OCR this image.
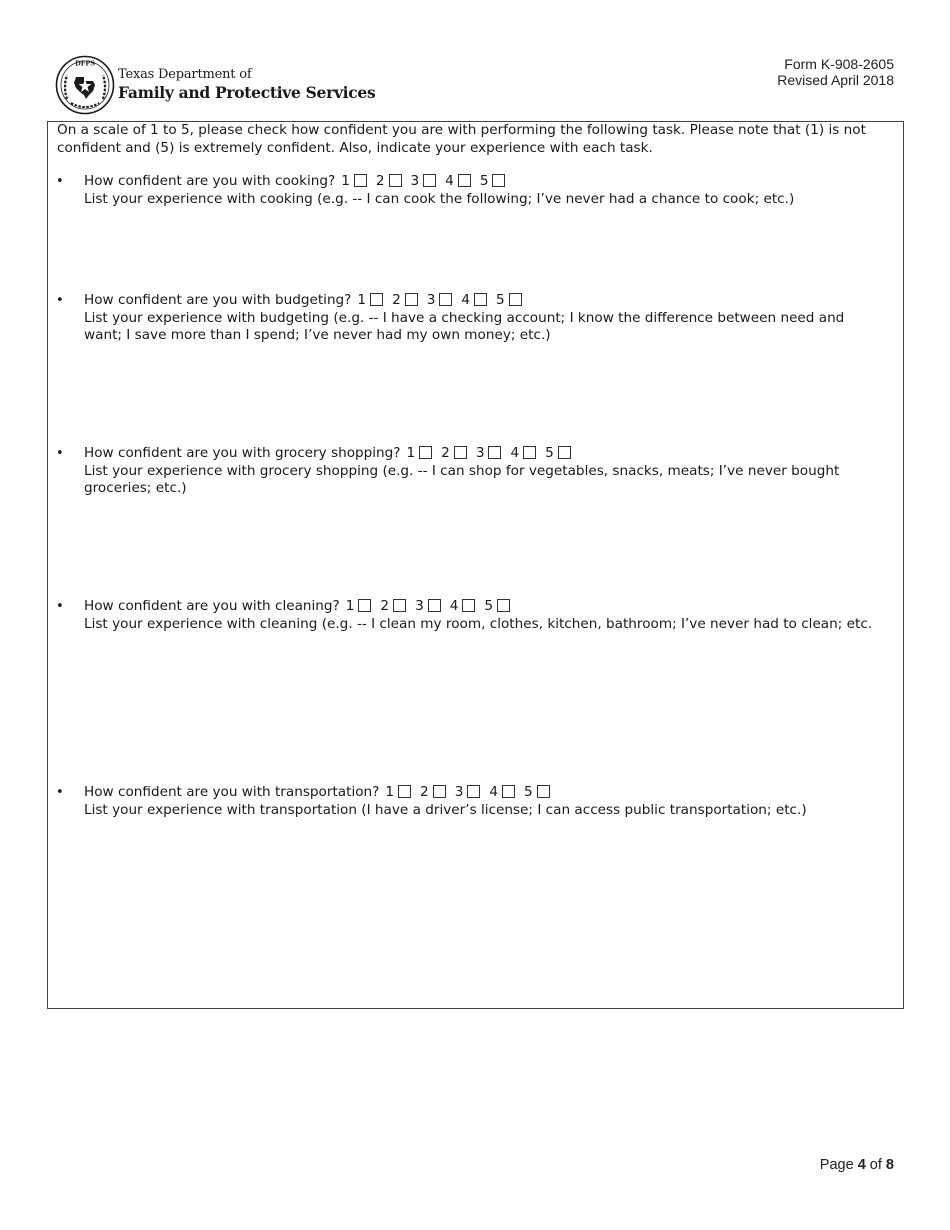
DFPS
Texas Department of
Family and Protective Services
Form K-908-2605
Revised April 2018
On a scale of 1 to 5, please check how confident you are with performing the following task. Please note that (1) is not confident and (5) is extremely confident. Also, indicate your experience with each task.
• How confident are you with cooking? 1 2 3 4 5
List your experience with cooking (e.g. -- I can cook the following; I’ve never had a chance to cook; etc.)
• How confident are you with budgeting? 1 2 3 4 5
List your experience with budgeting (e.g. -- I have a checking account; I know the difference between need and want; I save more than I spend; I’ve never had my own money; etc.)
• How confident are you with grocery shopping? 1 2 3 4 5
List your experience with grocery shopping (e.g. -- I can shop for vegetables, snacks, meats; I’ve never bought groceries; etc.)
• How confident are you with cleaning? 1 2 3 4 5
List your experience with cleaning (e.g. -- I clean my room, clothes, kitchen, bathroom; I’ve never had to clean; etc.
• How confident are you with transportation? 1 2 3 4 5
List your experience with transportation (I have a driver’s license; I can access public transportation; etc.)
Page 4 of 8
